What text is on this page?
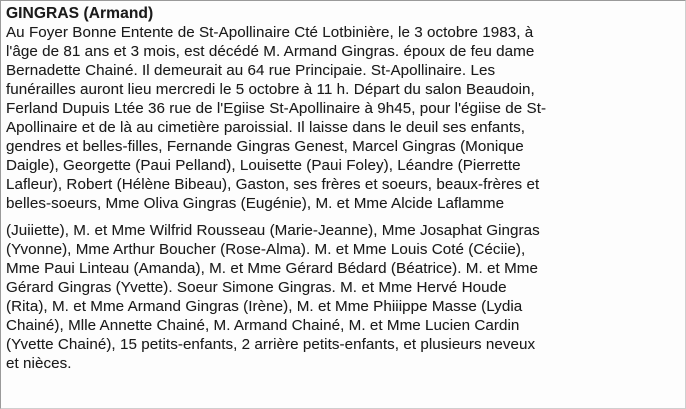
GINGRAS (Armand)
Au Foyer Bonne Entente de St-Apollinaire Cté Lotbinière, le 3 octobre 1983, à
l'âge de 81 ans et 3 mois, est décédé M. Armand Gingras. époux de feu dame
Bernadette Chainé. Il demeurait au 64 rue Principaie. St-Apollinaire. Les
funérailles auront lieu mercredi le 5 octobre à 11 h. Départ du salon Beaudoin,
Ferland Dupuis Ltée 36 rue de l'Egiise St-Apollinaire à 9h45, pour l'égiise de St-
Apollinaire et de là au cimetière paroissial. Il laisse dans le deuil ses enfants,
gendres et belles-filles, Fernande Gingras Genest, Marcel Gingras (Monique
Daigle), Georgette (Paui Pelland), Louisette (Paui Foley), Léandre (Pierrette
Lafleur), Robert (Hélène Bibeau), Gaston, ses frères et soeurs, beaux-frères et
belles-soeurs, Mme Oliva Gingras (Eugénie), M. et Mme Alcide Laflamme
(Juiiette), M. et Mme Wilfrid Rousseau (Marie-Jeanne), Mme Josaphat Gingras
(Yvonne), Mme Arthur Boucher (Rose-Alma). M. et Mme Louis Coté (Céciie),
Mme Paui Linteau (Amanda), M. et Mme Gérard Bédard (Béatrice). M. et Mme
Gérard Gingras (Yvette). Soeur Simone Gingras. M. et Mme Hervé Houde
(Rita), M. et Mme Armand Gingras (Irène), M. et Mme Phiiippe Masse (Lydia
Chainé), Mlle Annette Chainé, M. Armand Chainé, M. et Mme Lucien Cardin
(Yvette Chainé), 15 petits-enfants, 2 arrière petits-enfants, et plusieurs neveux
et nièces.
